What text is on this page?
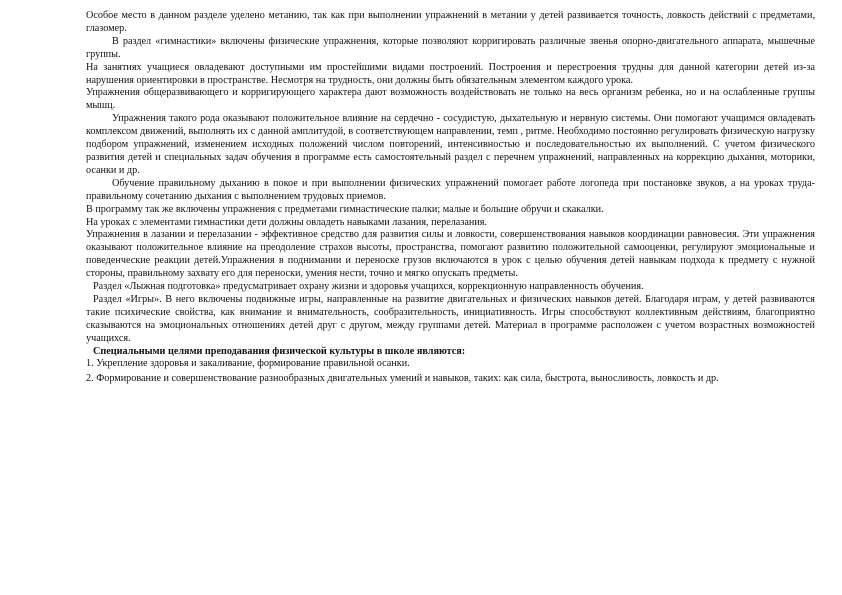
Особое место в данном разделе уделено метанию, так как при выполнении упражнений в метании у детей развивается точность, ловкость действий с предметами, глазомер.

В раздел «гимнастики» включены физические упражнения, которые позволяют корригировать различные звенья опорно-двигательного аппарата, мышечные группы.

На занятиях учащиеся овладевают доступными им простейшими видами построений. Построения и перестроения трудны для данной категории детей из-за нарушения ориентировки в пространстве. Несмотря на трудность, они должны быть обязательным элементом каждого урока.

Упражнения общеразвивающего и корригирующего характера дают возможность воздействовать не только на весь организм ребенка, но и на ослабленные группы мышц.

Упражнения такого рода оказывают положительное влияние на сердечно - сосудистую, дыхательную и нервную системы. Они помогают учащимся овладевать комплексом движений, выполнять их с данной амплитудой, в соответствующем направлении, темп , ритме. Необходимо постоянно регулировать физическую нагрузку подбором упражнений, изменением исходных положений числом повторений, интенсивностью и последовательностью их выполнений. С учетом физического развития детей и специальных задач обучения в программе есть самостоятельный раздел с перечнем упражнений, направленных на коррекцию дыхания, моторики, осанки и др.

Обучение правильному дыханию в покое и при выполнении физических упражнений помогает работе логопеда при постановке звуков, а на уроках труда- правильному сочетанию дыхания с выполнением трудовых приемов.

В программу так же включены упражнения с предметами гимнастические палки; малые и большие обручи и скакалки.

На уроках с элементами гимнастики дети должны овладеть навыками лазания, перелазания.

Упражнения в лазании и перелазании - эффективное средство для развития силы и ловкости, совершенствования навыков координации равновесия. Эти упражнения оказывают положительное влияние на преодоление страхов высоты, пространства, помогают развитию положительной самооценки, регулируют эмоциональные и поведенческие реакции детей.Упражнения в поднимании и переноске грузов включаются в урок с целью обучения детей навыкам подхода к предмету с нужной стороны, правильному захвату его для переноски, умения нести, точно и мягко опускать предметы.

Раздел «Лыжная подготовка» предусматривает охрану жизни и здоровья учащихся, коррекционную направленность обучения.

Раздел «Игры». В него включены подвижные игры, направленные на развитие двигательных и физических навыков детей. Благодаря играм, у детей развиваются такие психические свойства, как внимание и внимательность, сообразительность, инициативность. Игры способствуют коллективным действиям, благоприятно сказываются на эмоциональных отношениях детей друг с другом, между группами детей. Материал в программе расположен с учетом возрастных возможностей учащихся.

Специальными целями преподавания физической культуры в школе являются:

1. Укрепление здоровья и закаливание, формирование правильной осанки.

2. Формирование и совершенствование разнообразных двигательных умений и навыков, таких: как сила, быстрота, выносливость, ловкость и др.
